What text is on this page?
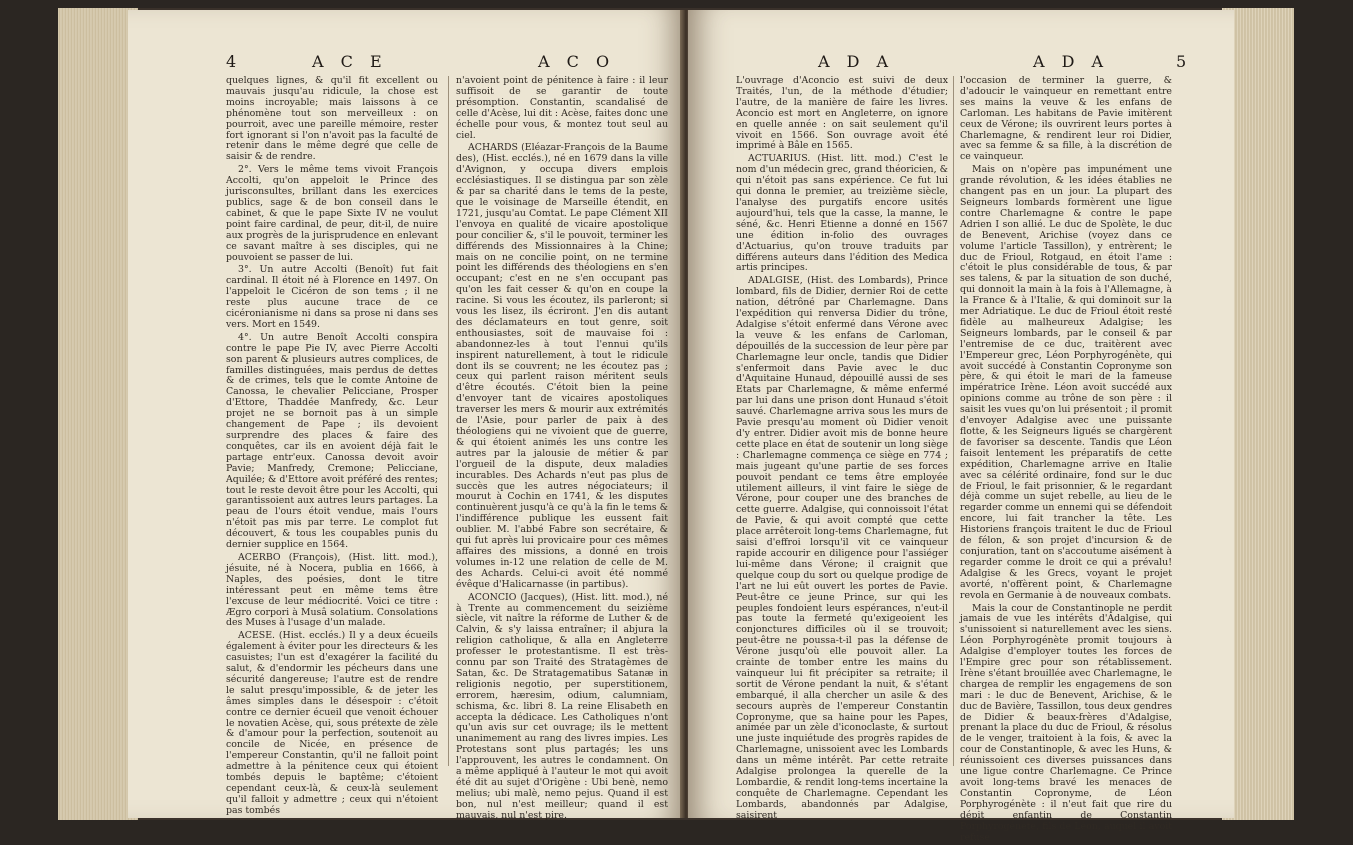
4	A C E	A C O

quelques lignes, & qu'il fit excellent ou mauvais jusqu'au ridicule, la chose est moins incroyable; mais laissons à ce phénomène tout son merveilleux : on pourroit, avec une pareille mémoire, rester fort ignorant si l'on n'avoit pas la faculté de retenir dans le même degré que celle de saisir & de rendre.

2°. Vers le même tems vivoit François Accolti, qu'on appeloit le Prince des jurisconsultes, brillant dans les exercices publics, sage & de bon conseil dans le cabinet, & que le pape Sixte IV ne voulut point faire cardinal, de peur, dit-il, de nuire aux progrès de la jurisprudence en enlevant ce savant maître à ses disciples, qui ne pouvoient se passer de lui.

3°. Un autre Accolti (Benoît) fut fait cardinal. Il étoit né à Florence en 1497. On l'appeloit le Cicéron de son tems ; il ne reste plus aucune trace de ce cicéronianisme ni dans sa prose ni dans ses vers. Mort en 1549.

4°. Un autre Benoît Accolti conspira contre le pape Pie IV, avec Pierre Accolti son parent & plusieurs autres complices, de familles distinguées, mais perdus de dettes & de crimes, tels que le comte Antoine de Canossa, le chevalier Pelicciane, Prosper d'Ettore, Thaddée Manfredy, &c. Leur projet ne se bornoit pas à un simple changement de Pape ; ils devoient surprendre des places & faire des conquêtes, car ils en avoient déjà fait le partage entr'eux. Canossa devoit avoir Pavie; Manfredy, Cremone; Pelicciane, Aquilée; & d'Ettore avoit préféré des rentes; tout le reste devoit être pour les Accolti, qui garantissoient aux autres leurs partages. La peau de l'ours étoit vendue, mais l'ours n'étoit pas mis par terre. Le complot fut découvert, & tous les coupables punis du dernier supplice en 1564.

ACERBO (François), (Hist. litt. mod.), jésuite, né à Nocera, publia en 1666, à Naples, des poésies, dont le titre intéressant peut en même tems être l'excuse de leur médiocrité. Voici ce titre : Ægro corpori à Musâ solatium. Consolations des Muses à l'usage d'un malade.

ACESE. (Hist. ecclés.) Il y a deux écueils également à éviter pour les directeurs & les casuistes; l'un est d'exagérer la facilité du salut, & d'endormir les pécheurs dans une sécurité dangereuse; l'autre est de rendre le salut presqu'impossible, & de jeter les âmes simples dans le désespoir : c'étoit contre ce dernier écueil que venoit échouer le novatien Acèse, qui, sous prétexte de zèle & d'amour pour la perfection, soutenoit au concile de Nicée, en présence de l'empereur Constantin, qu'il ne falloit point admettre à la pénitence ceux qui étoient tombés depuis le baptême; c'étoient cependant ceux-là, & ceux-là seulement qu'il falloit y admettre ; ceux qui n'étoient pas tombés

n'avoient point de pénitence à faire : il leur suffisoit de se garantir de toute présomption. Constantin, scandalisé de celle d'Acèse, lui dit : Acèse, faites donc une échelle pour vous, & montez tout seul au ciel.

ACHARDS (Eléazar-François de la Baume des), (Hist. ecclés.), né en 1679 dans la ville d'Avignon, y occupa divers emplois ecclésiastiques. Il se distingua par son zèle & par sa charité dans le tems de la peste, que le voisinage de Marseille étendit, en 1721, jusqu'au Comtat. Le pape Clément XII l'envoya en qualité de vicaire apostolique pour concilier &, s'il le pouvoit, terminer les différends des Missionnaires à la Chine; mais on ne concilie point, on ne termine point les différends des théologiens en s'en occupant; c'est en ne s'en occupant pas qu'on les fait cesser & qu'on en coupe la racine. Si vous les écoutez, ils parleront; si vous les lisez, ils écriront. J'en dis autant des déclamateurs en tout genre, soit enthousiastes, soit de mauvaise foi : abandonnez-les à tout l'ennui qu'ils inspirent naturellement, à tout le ridicule dont ils se couvrent; ne les écoutez pas ; ceux qui parlent raison méritent seuls d'être écoutés. C'étoit bien la peine d'envoyer tant de vicaires apostoliques traverser les mers & mourir aux extrémités de l'Asie, pour parler de paix à des théologiens qui ne vivoient que de guerre, & qui étoient animés les uns contre les autres par la jalousie de métier & par l'orgueil de la dispute, deux maladies incurables. Des Achards n'eut pas plus de succès que les autres négociateurs; il mourut à Cochin en 1741, & les disputes continuèrent jusqu'à ce qu'à la fin le tems & l'indifférence publique les eussent fait oublier. M. l'abbé Fabre son secrétaire, & qui fut après lui provicaire pour ces mêmes affaires des missions, a donné en trois volumes in-12 une relation de celle de M. des Achards. Celui-ci avoit été nommé évêque d'Halicarnasse (in partibus).

ACONCIO (Jacques), (Hist. litt. mod.), né à Trente au commencement du seizième siècle, vit naître la réforme de Luther & de Calvin, & s'y laissa entraîner; il abjura la religion catholique, & alla en Angleterre professer le protestantisme. Il est très-connu par son Traité des Stratagèmes de Satan, &c. De Stratagematibus Satanæ in religionis negotio, per superstitionem, errorem, hæresim, odium, calumniam, schisma, &c. libri 8. La reine Elisabeth en accepta la dédicace. Les Catholiques n'ont qu'un avis sur cet ouvrage; ils le mettent unanimement au rang des livres impies. Les Protestans sont plus partagés; les uns l'approuvent, les autres le condamnent. On a même appliqué à l'auteur le mot qui avoit été dit au sujet d'Origène : Ubi benè, nemo melius; ubi malè, nemo pejus. Quand il est bon, nul n'est meilleur; quand il est mauvais, nul n'est pire.

A D A	A D A	5

L'ouvrage d'Aconcio est suivi de deux Traités, l'un, de la méthode d'étudier; l'autre, de la manière de faire les livres. Aconcio est mort en Angleterre, on ignore en quelle année : on sait seulement qu'il vivoit en 1566. Son ouvrage avoit été imprimé à Bâle en 1565.

ACTUARIUS. (Hist. litt. mod.) C'est le nom d'un médecin grec, grand théoricien, & qui n'étoit pas sans expérience. Ce fut lui qui donna le premier, au treizième siècle, l'analyse des purgatifs encore usités aujourd'hui, tels que la casse, la manne, le séné, &c. Henri Etienne a donné en 1567 une édition in-folio des ouvrages d'Actuarius, qu'on trouve traduits par différens auteurs dans l'édition des Medica artis principes.

ADALGISE, (Hist. des Lombards), Prince lombard, fils de Didier, dernier Roi de cette nation, détrôné par Charlemagne. Dans l'expédition qui renversa Didier du trône, Adalgise s'étoit enfermé dans Vérone avec la veuve & les enfans de Carloman, dépouillés de la succession de leur père par Charlemagne leur oncle, tandis que Didier s'enfermoit dans Pavie avec le duc d'Aquitaine Hunaud, dépouillé aussi de ses Etats par Charlemagne, & même enfermé par lui dans une prison dont Hunaud s'étoit sauvé. Charlemagne arriva sous les murs de Pavie presqu'au moment où Didier venoit d'y entrer. Didier avoit mis de bonne heure cette place en état de soutenir un long siège : Charlemagne commença ce siège en 774 ; mais jugeant qu'une partie de ses forces pouvoit pendant ce tems être employée utilement ailleurs, il vint faire le siège de Vérone, pour couper une des branches de cette guerre. Adalgise, qui connoissoit l'état de Pavie, & qui avoit compté que cette place arrêteroit long-tems Charlemagne, fut saisi d'effroi lorsqu'il vit ce vainqueur rapide accourir en diligence pour l'assiéger lui-même dans Vérone; il craignit que quelque coup du sort ou quelque prodige de l'art ne lui eût ouvert les portes de Pavie. Peut-être ce jeune Prince, sur qui les peuples fondoient leurs espérances, n'eut-il pas toute la fermeté qu'exigeoient les conjonctures difficiles où il se trouvoit; peut-être ne poussa-t-il pas la défense de Vérone jusqu'où elle pouvoit aller. La crainte de tomber entre les mains du vainqueur lui fit précipiter sa retraite; il sortit de Vérone pendant la nuit, & s'étant embarqué, il alla chercher un asile & des secours auprès de l'empereur Constantin Copronyme, que sa haine pour les Papes, animée par un zèle d'iconoclaste, & surtout une juste inquiétude des progrès rapides de Charlemagne, unissoient avec les Lombards dans un même intérêt. Par cette retraite Adalgise prolongea la querelle de la Lombardie, & rendit long-tems incertaine la conquête de Charlemagne. Cependant les Lombards, abandonnés par Adalgise, saisirent

l'occasion de terminer la guerre, & d'adoucir le vainqueur en remettant entre ses mains la veuve & les enfans de Carloman. Les habitans de Pavie imitèrent ceux de Vérone; ils ouvrirent leurs portes à Charlemagne, & rendirent leur roi Didier, avec sa femme & sa fille, à la discrétion de ce vainqueur.

Mais on n'opère pas impunément une grande révolution, & les idées établies ne changent pas en un jour. La plupart des Seigneurs lombards formèrent une ligue contre Charlemagne & contre le pape Adrien I son allié. Le duc de Spolète, le duc de Benevent, Arichise (voyez dans ce volume l'article Tassillon), y entrèrent; le duc de Frioul, Rotgaud, en étoit l'ame : c'étoit le plus considérable de tous, & par ses talens, & par la situation de son duché, qui donnoit la main à la fois à l'Allemagne, à la France & à l'Italie, & qui dominoit sur la mer Adriatique. Le duc de Frioul étoit resté fidèle au malheureux Adalgise; les Seigneurs lombards, par le conseil & par l'entremise de ce duc, traitèrent avec l'Empereur grec, Léon Porphyrogénète, qui avoit succédé à Constantin Copronyme son père, & qui étoit le mari de la fameuse impératrice Irène. Léon avoit succédé aux opinions comme au trône de son père : il saisit les vues qu'on lui présentoit ; il promit d'envoyer Adalgise avec une puissante flotte, & les Seigneurs ligués se chargèrent de favoriser sa descente. Tandis que Léon faisoit lentement les préparatifs de cette expédition, Charlemagne arrive en Italie avec sa célérité ordinaire, fond sur le duc de Frioul, le fait prisonnier, & le regardant déjà comme un sujet rebelle, au lieu de le regarder comme un ennemi qui se défendoit encore, lui fait trancher la tête. Les Historiens françois traitent le duc de Frioul de félon, & son projet d'incursion & de conjuration, tant on s'accoutume aisément à regarder comme le droit ce qui a prévalu! Adalgise & les Grecs, voyant le projet avorté, n'offèrent point, & Charlemagne revola en Germanie à de nouveaux combats.

Mais la cour de Constantinople ne perdit jamais de vue les intérêts d'Adalgise, qui s'unissoient si naturellement avec les siens. Léon Porphyrogénète promit toujours à Adalgise d'employer toutes les forces de l'Empire grec pour son rétablissement. Irène s'étant brouillée avec Charlemagne, le chargea de remplir les engagemens de son mari : le duc de Benevent, Arichise, & le duc de Bavière, Tassillon, tous deux gendres de Didier & beaux-frères d'Adalgise, prenant la place du duc de Frioul, & résolus de le venger, traitoient à la fois, & avec la cour de Constantinople, & avec les Huns, & réunissoient ces diverses puissances dans une ligue contre Charlemagne. Ce Prince avoit long-tems bravé les menaces de Constantin Copronyme, de Léon Porphyrogénète : il n'eut fait que rire du dépit enfantin de Constantin Porphyrogénète, fils de Léon, auquel il avoit refusé
